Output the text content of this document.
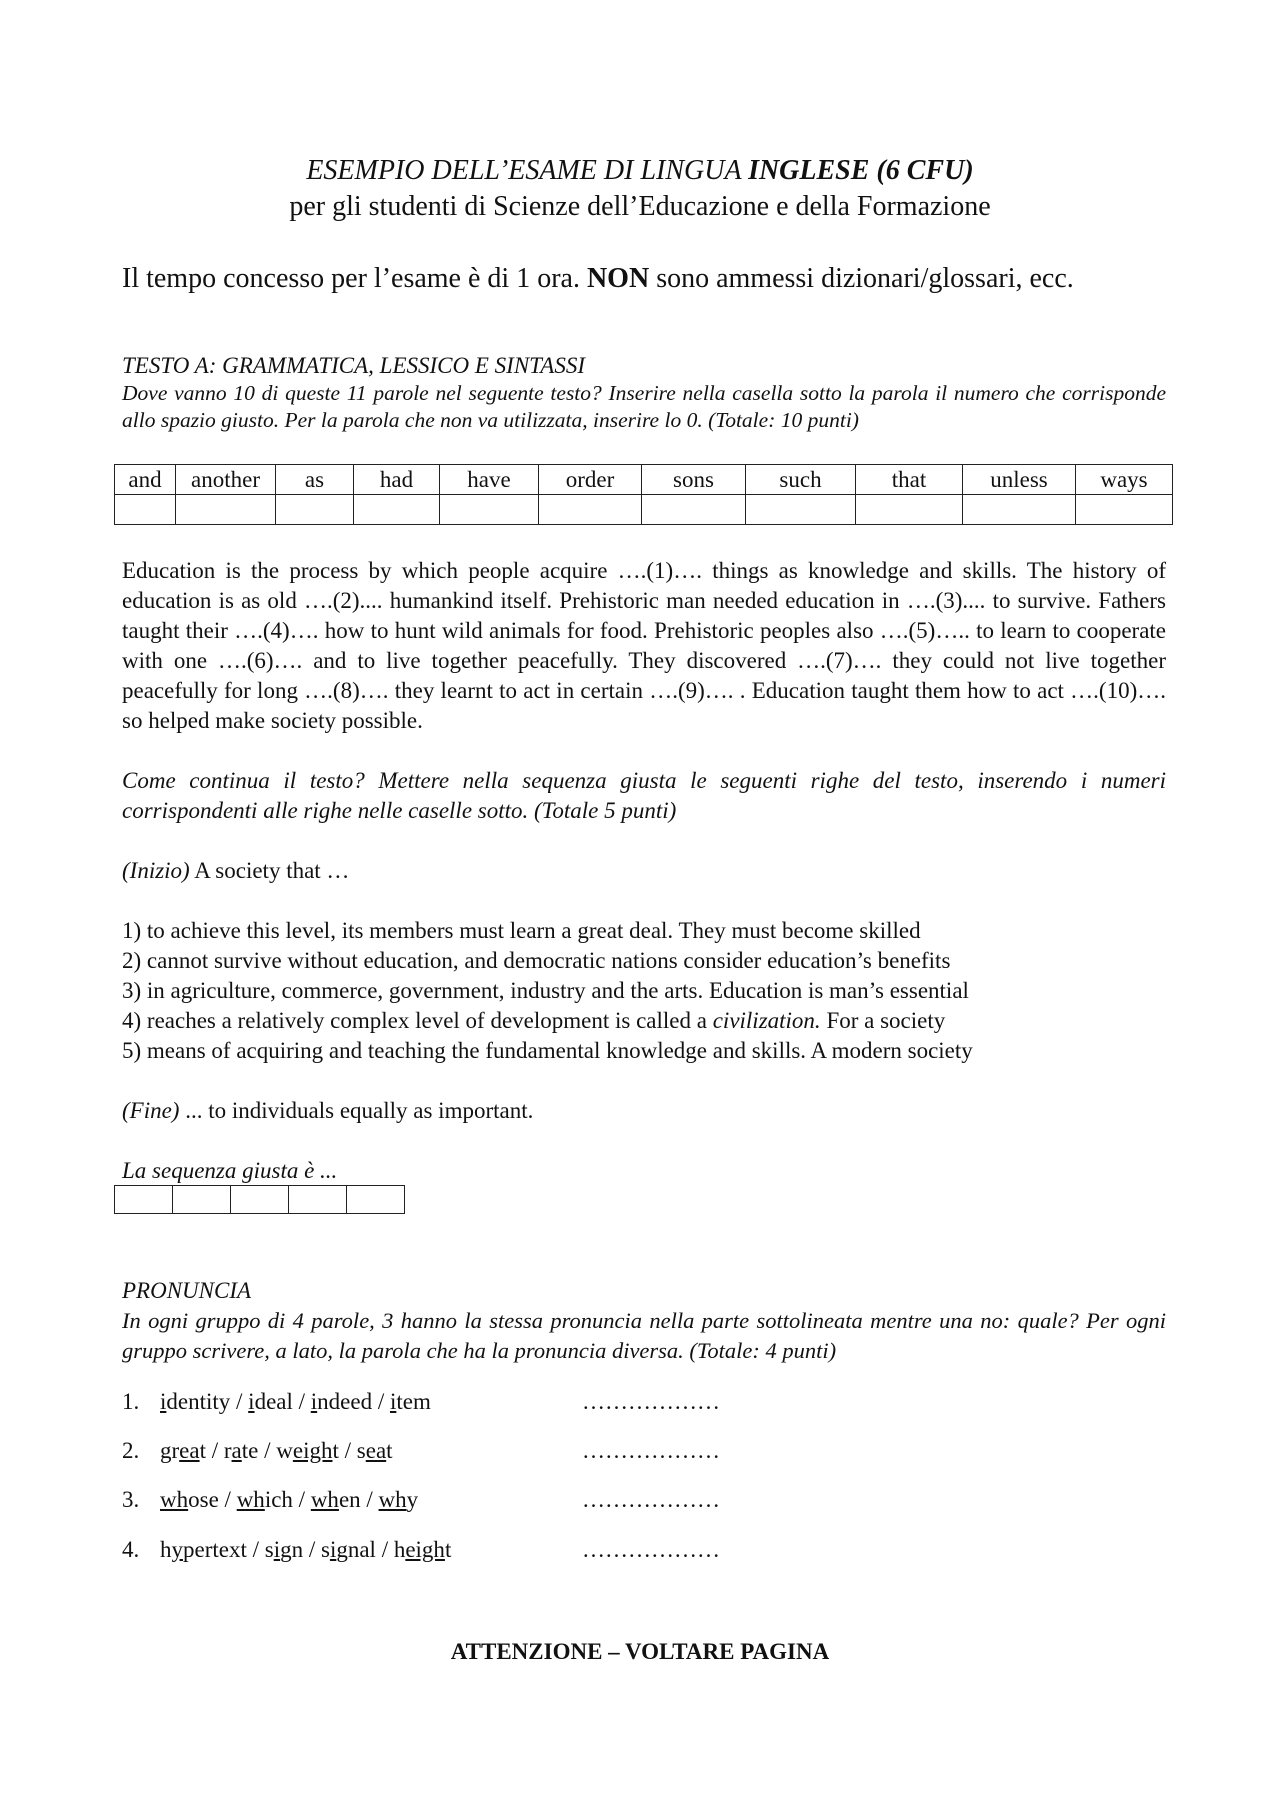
ESEMPIO DELL’ESAME DI LINGUA INGLESE (6 CFU)
per gli studenti di Scienze dell’Educazione e della Formazione
Il tempo concesso per l’esame è di 1 ora. NON sono ammessi dizionari/glossari, ecc.
TESTO A: GRAMMATICA, LESSICO E SINTASSI
Dove vanno 10 di queste 11 parole nel seguente testo? Inserire nella casella sotto la parola il numero che corrisponde allo spazio giusto. Per la parola che non va utilizzata, inserire lo 0. (Totale: 10 punti)
and	another	as	had	have	order	sons	such	that	unless	ways

Education is the process by which people acquire ….(1)…. things as knowledge and skills. The history of education is as old ….(2).... humankind itself. Prehistoric man needed education in ….(3).... to survive. Fathers taught their ….(4)…. how to hunt wild animals for food. Prehistoric peoples also ….(5)….. to learn to cooperate with one ….(6)…. and to live together peacefully. They discovered ….(7)…. they could not live together peacefully for long ….(8)…. they learnt to act in certain ….(9)…. . Education taught them how to act ….(10)…. so helped make society possible.
Come continua il testo? Mettere nella sequenza giusta le seguenti righe del testo, inserendo i numeri corrispondenti alle righe nelle caselle sotto. (Totale 5 punti)
(Inizio) A society that …
1) to achieve this level, its members must learn a great deal. They must become skilled
2) cannot survive without education, and democratic nations consider education’s benefits
3) in agriculture, commerce, government, industry and the arts. Education is man’s essential
4) reaches a relatively complex level of development is called a civilization. For a society
5) means of acquiring and teaching the fundamental knowledge and skills. A modern society
(Fine) ... to individuals equally as important.
La sequenza giusta è ...

PRONUNCIA
In ogni gruppo di 4 parole, 3 hanno la stessa pronuncia nella parte sottolineata mentre una no: quale? Per ogni gruppo scrivere, a lato, la parola che ha la pronuncia diversa. (Totale: 4 punti)
1. identity / ideal / indeed / item	………………
2. great / rate / weight / seat	………………
3. whose / which / when / why	………………
4. hypertext / sign / signal / height	………………
ATTENZIONE – VOLTARE PAGINA
